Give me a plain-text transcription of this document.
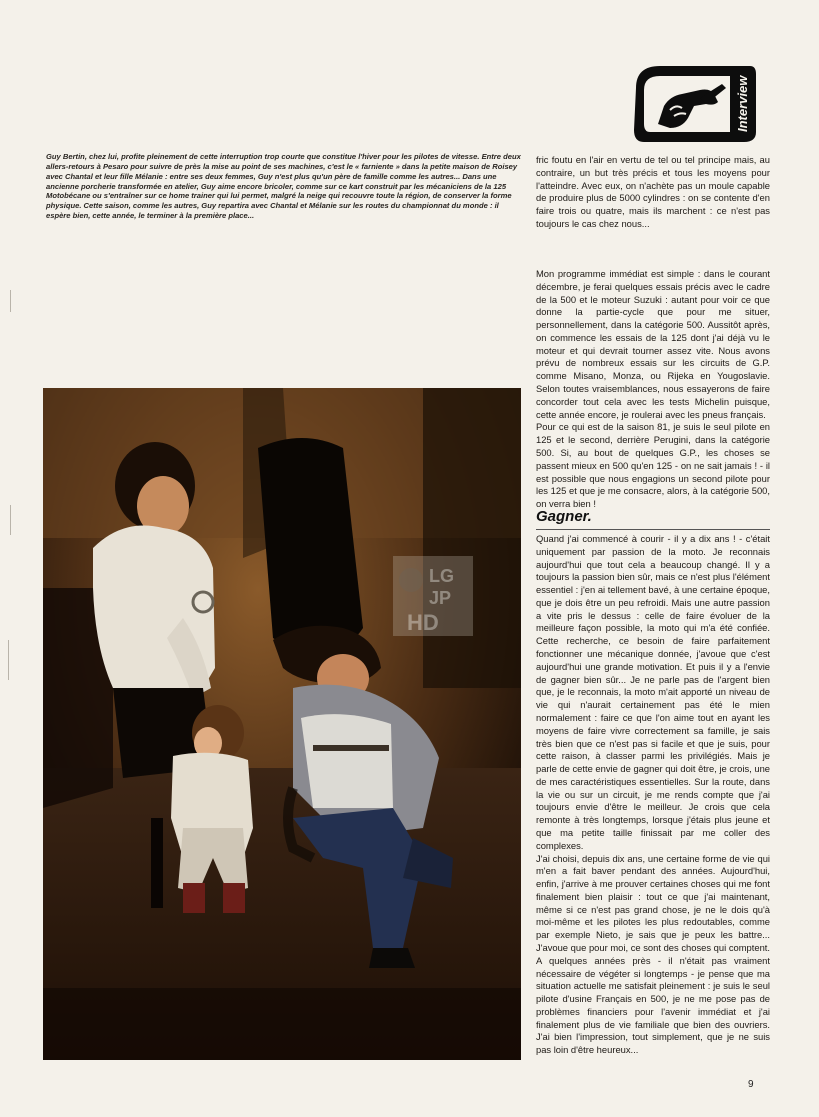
Guy Bertin, chez lui, profite pleinement de cette interruption trop courte que constitue l'hiver pour les pilotes de vitesse. Entre deux allers-retours à Pesaro pour suivre de près la mise au point de ses machines, c'est le « farniente » dans la petite maison de Roisey avec Chantal et leur fille Mélanie : entre ses deux femmes, Guy n'est plus qu'un père de famille comme les autres... Dans une ancienne porcherie transformée en atelier, Guy aime encore bricoler, comme sur ce kart construit par les mécaniciens de la 125 Motobécane ou s'entraîner sur ce home trainer qui lui permet, malgré la neige qui recouvre toute la région, de conserver la forme physique. Cette saison, comme les autres, Guy repartira avec Chantal et Mélanie sur les routes du championnat du monde : il espère bien, cette année, le terminer à la première place...

Interview

fric foutu en l'air en vertu de tel ou tel principe mais, au contraire, un but très précis et tous les moyens pour l'atteindre. Avec eux, on n'achète pas un moule capable de produire plus de 5000 cylindres : on se contente d'en faire trois ou quatre, mais ils marchent : ce n'est pas toujours le cas chez nous...

Mon programme immédiat est simple : dans le courant décembre, je ferai quelques essais précis avec le cadre de la 500 et le moteur Suzuki : autant pour voir ce que donne la partie-cycle que pour me situer, personnellement, dans la catégorie 500. Aussitôt après, on commence les essais de la 125 dont j'ai déjà vu le moteur et qui devrait tourner assez vite. Nous avons prévu de nombreux essais sur les circuits de G.P. comme Misano, Monza, ou Rijeka en Yougoslavie. Selon toutes vraisemblances, nous essayerons de faire concorder tout cela avec les tests Michelin puisque, cette année encore, je roulerai avec les pneus français.

Pour ce qui est de la saison 81, je suis le seul pilote en 125 et le second, derrière Perugini, dans la catégorie 500. Si, au bout de quelques G.P., les choses se passent mieux en 500 qu'en 125 - on ne sait jamais ! - il est possible que nous engagions un second pilote pour les 125 et que je me consacre, alors, à la catégorie 500, on verra bien !

Gagner.

Quand j'ai commencé à courir - il y a dix ans ! - c'était uniquement par passion de la moto. Je reconnais aujourd'hui que tout cela a beaucoup changé. Il y a toujours la passion bien sûr, mais ce n'est plus l'élément essentiel : j'en ai tellement bavé, à une certaine époque, que je dois être un peu refroidi. Mais une autre passion a vite pris le dessus : celle de faire évoluer de la meilleure façon possible, la moto qui m'a été confiée. Cette recherche, ce besoin de faire parfaitement fonctionner une mécanique donnée, j'avoue que c'est aujourd'hui une grande motivation. Et puis il y a l'envie de gagner bien sûr... Je ne parle pas de l'argent bien que, je le reconnais, la moto m'ait apporté un niveau de vie qui n'aurait certainement pas été le mien normalement : faire ce que l'on aime tout en ayant les moyens de faire vivre correctement sa famille, je sais très bien que ce n'est pas si facile et que je suis, pour cette raison, à classer parmi les privilégiés. Mais je parle de cette envie de gagner qui doit être, je crois, une de mes caractéristiques essentielles. Sur la route, dans la vie ou sur un circuit, je me rends compte que j'ai toujours envie d'être le meilleur. Je crois que cela remonte à très longtemps, lorsque j'étais plus jeune et que ma petite taille finissait par me coller des complexes.

J'ai choisi, depuis dix ans, une certaine forme de vie qui m'en a fait baver pendant des années. Aujourd'hui, enfin, j'arrive à me prouver certaines choses qui me font finalement bien plaisir : tout ce que j'ai maintenant, même si ce n'est pas grand chose, je ne le dois qu'à moi-même et les pilotes les plus redoutables, comme par exemple Nieto, je sais que je peux les battre... J'avoue que pour moi, ce sont des choses qui comptent. A quelques années près - il n'était pas vraiment nécessaire de végéter si longtemps - je pense que ma situation actuelle me satisfait pleinement : je suis le seul pilote d'usine Français en 500, je ne me pose pas de problèmes financiers pour l'avenir immédiat et j'ai finalement plus de vie familiale que bien des ouvriers. J'ai bien l'impression, tout simplement, que je ne suis pas loin d'être heureux...

LG
JP
HD
9
